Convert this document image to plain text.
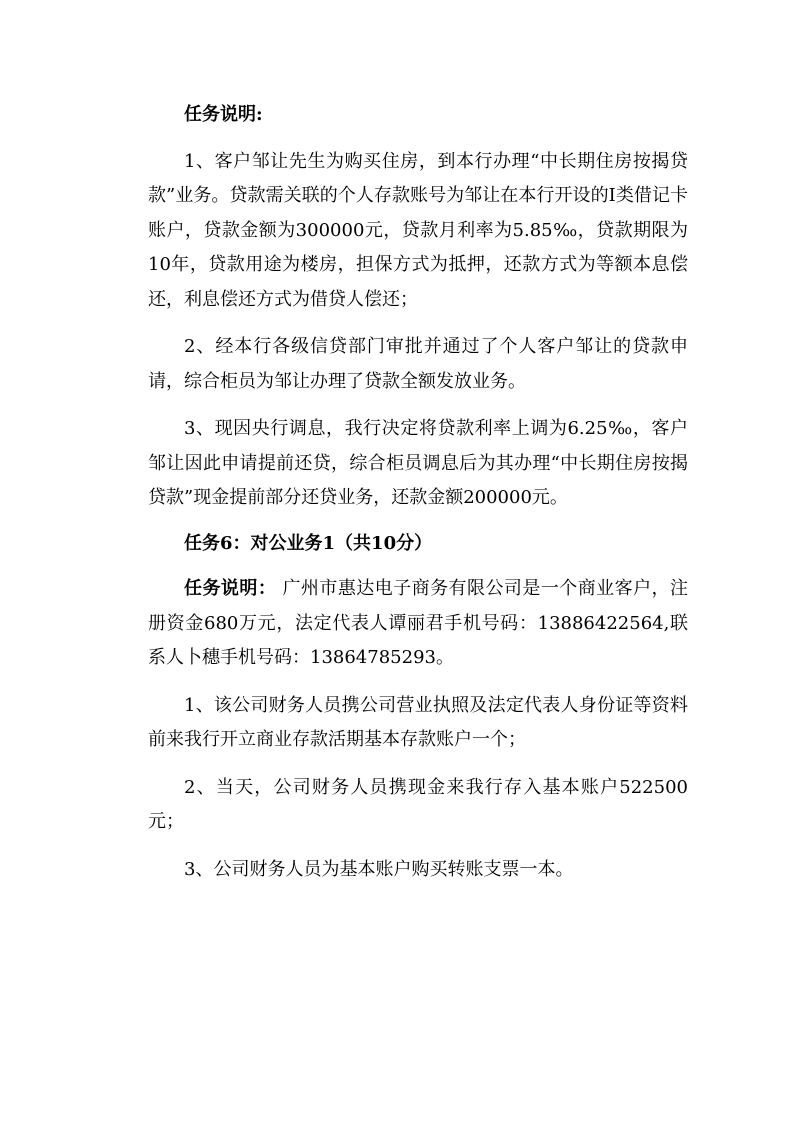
任务说明:

1、客户邹让先生为购买住房，到本行办理“中长期住房按揭贷款”业务。贷款需关联的个人存款账号为邹让在本行开设的Ⅰ类借记卡账户，贷款金额为300000元，贷款月利率为5.85‰，贷款期限为10年，贷款用途为楼房，担保方式为抵押，还款方式为等额本息偿还，利息偿还方式为借贷人偿还；

2、经本行各级信贷部门审批并通过了个人客户邹让的贷款申请，综合柜员为邹让办理了贷款全额发放业务。

3、现因央行调息，我行决定将贷款利率上调为6.25‰，客户邹让因此申请提前还贷，综合柜员调息后为其办理“中长期住房按揭贷款”现金提前部分还贷业务，还款金额200000元。

任务6：对公业务1（共10分）

任务说明： 广州市惠达电子商务有限公司是一个商业客户，注册资金680万元，法定代表人谭丽君手机号码：13886422564,联系人卜穗手机号码：13864785293。

1、该公司财务人员携公司营业执照及法定代表人身份证等资料前来我行开立商业存款活期基本存款账户一个；

2、当天，公司财务人员携现金来我行存入基本账户522500元；

3、公司财务人员为基本账户购买转账支票一本。
